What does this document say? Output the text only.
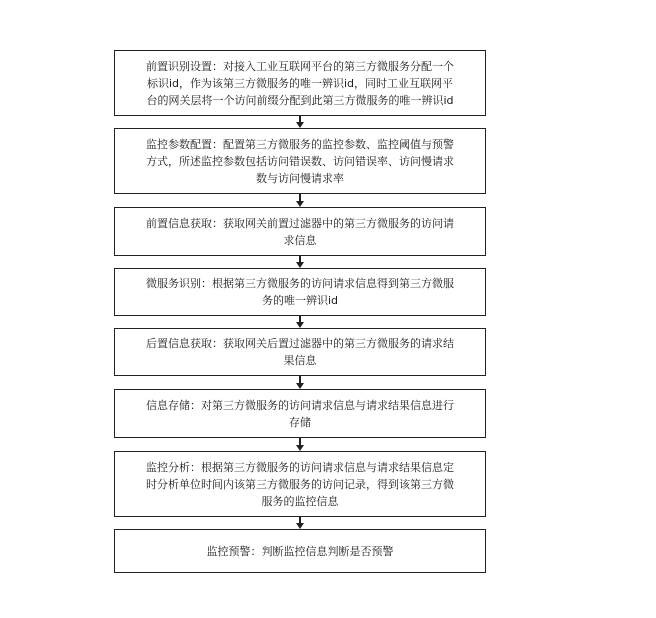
前置识别设置：对接入工业互联网平台的第三方微服务分配一个
标识id，作为该第三方微服务的唯一辨识id，同时工业互联网平
台的网关层将一个访问前缀分配到此第三方微服务的唯一辨识id
监控参数配置：配置第三方微服务的监控参数、监控阈值与预警
方式，所述监控参数包括访问错误数、访问错误率、访问慢请求
数与访问慢请求率
前置信息获取：获取网关前置过滤器中的第三方微服务的访问请
求信息
微服务识别：根据第三方微服务的访问请求信息得到第三方微服
务的唯一辨识id
后置信息获取：获取网关后置过滤器中的第三方微服务的请求结
果信息
信息存储：对第三方微服务的访问请求信息与请求结果信息进行
存储
监控分析：根据第三方微服务的访问请求信息与请求结果信息定
时分析单位时间内该第三方微服务的访问记录，得到该第三方微
服务的监控信息
监控预警：判断监控信息判断是否预警
